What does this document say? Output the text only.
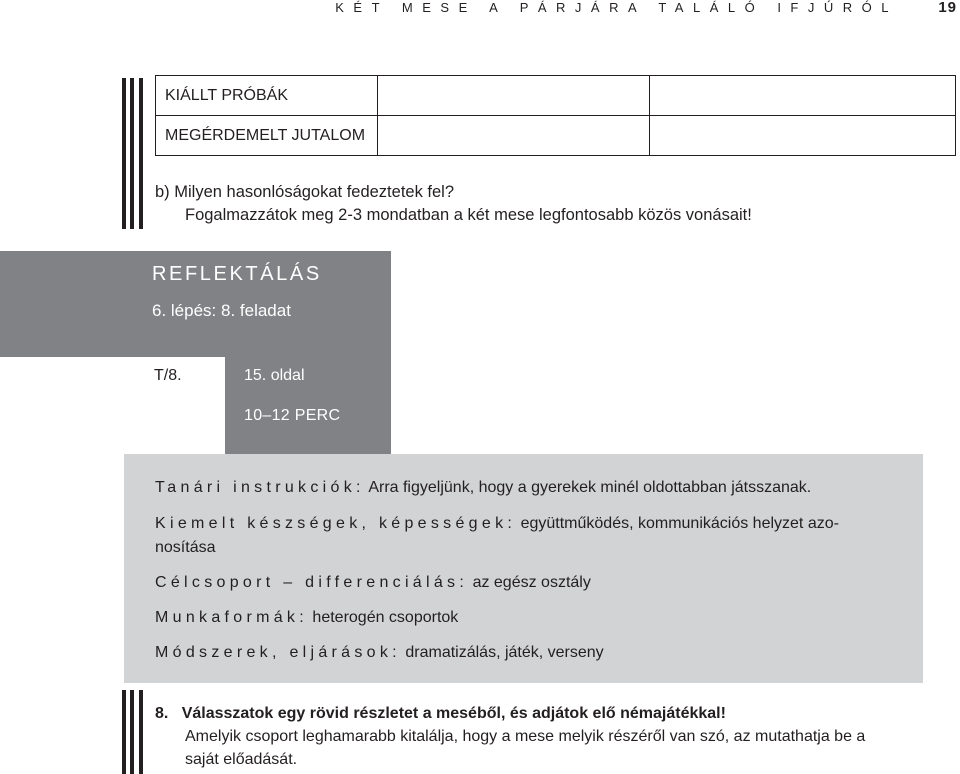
KÉT MESE A PÁRJÁRA TALÁLÓ IFJÚRÓL	19
KIÁLLT PRÓBÁK		
MEGÉRDEMELT JUTALOM		
b) Milyen hasonlóságokat fedeztetek fel?
Fogalmazzátok meg 2-3 mondatban a két mese legfontosabb közös vonásait!
REFLEKTÁLÁS
6. lépés: 8. feladat
T/8.	15. oldal
10–12 PERC
Tanári instrukciók: Arra figyeljünk, hogy a gyerekek minél oldottabban játsszanak.
Kiemelt készségek, képességek: együttműködés, kommunikációs helyzet azo-
nosítása
Célcsoport – differenciálás: az egész osztály
Munkaformák: heterogén csoportok
Módszerek, eljárások: dramatizálás, játék, verseny
8. Válasszatok egy rövid részletet a meséből, és adjátok elő némajátékkal!
Amelyik csoport leghamarabb kitalálja, hogy a mese melyik részéről van szó, az mutathatja be a
saját előadását.
